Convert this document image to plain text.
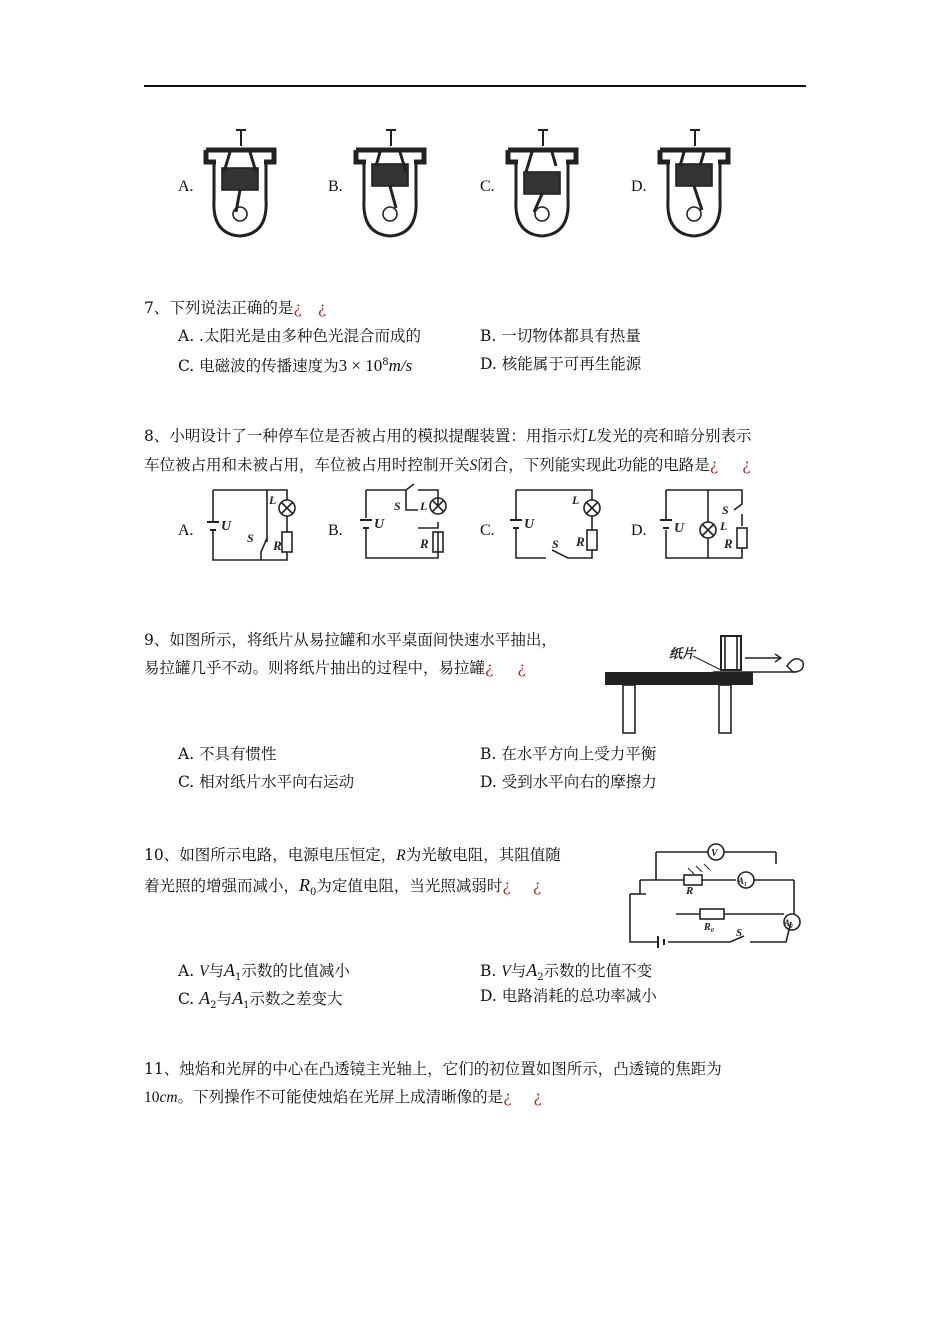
A.	B.	C.	D.
7、下列说法正确的是¿ ¿
A. .太阳光是由多种色光混合而成的	B. 一切物体都具有热量
C. 电磁波的传播速度为$3 \times 10^8m/s$	D. 核能属于可再生能源
8、小明设计了一种停车位是否被占用的模拟提醒装置：用指示灯L发光的亮和暗分别表示
车位被占用和未被占用，车位被占用时控制开关S闭合，下列能实现此功能的电路是¿ ¿
A.	B.	C.	D.
U
R
L
S
U
R
L
S
U
R
L
S
U
R
L
S
9、如图所示，将纸片从易拉罐和水平桌面间快速水平抽出，
易拉罐几乎不动。则将纸片抽出的过程中，易拉罐¿ ¿
纸片
A. 不具有惯性	B. 在水平方向上受力平衡
C. 相对纸片水平向右运动	D. 受到水平向右的摩擦力
10、如图所示电路，电源电压恒定，R为光敏电阻，其阻值随
着光照的增强而减小，$R_0$为定值电阻，当光照减弱时¿ ¿
V
R
A₁
R₀ S
A₂
A. V与$A_1$示数的比值减小	B. V与$A_2$示数的比值不变
C. $A_2$与$A_1$示数之差变大	D. 电路消耗的总功率减小
11、烛焰和光屏的中心在凸透镜主光轴上，它们的初位置如图所示，凸透镜的焦距为
10cm。下列操作不可能使烛焰在光屏上成清晰像的是¿ ¿
